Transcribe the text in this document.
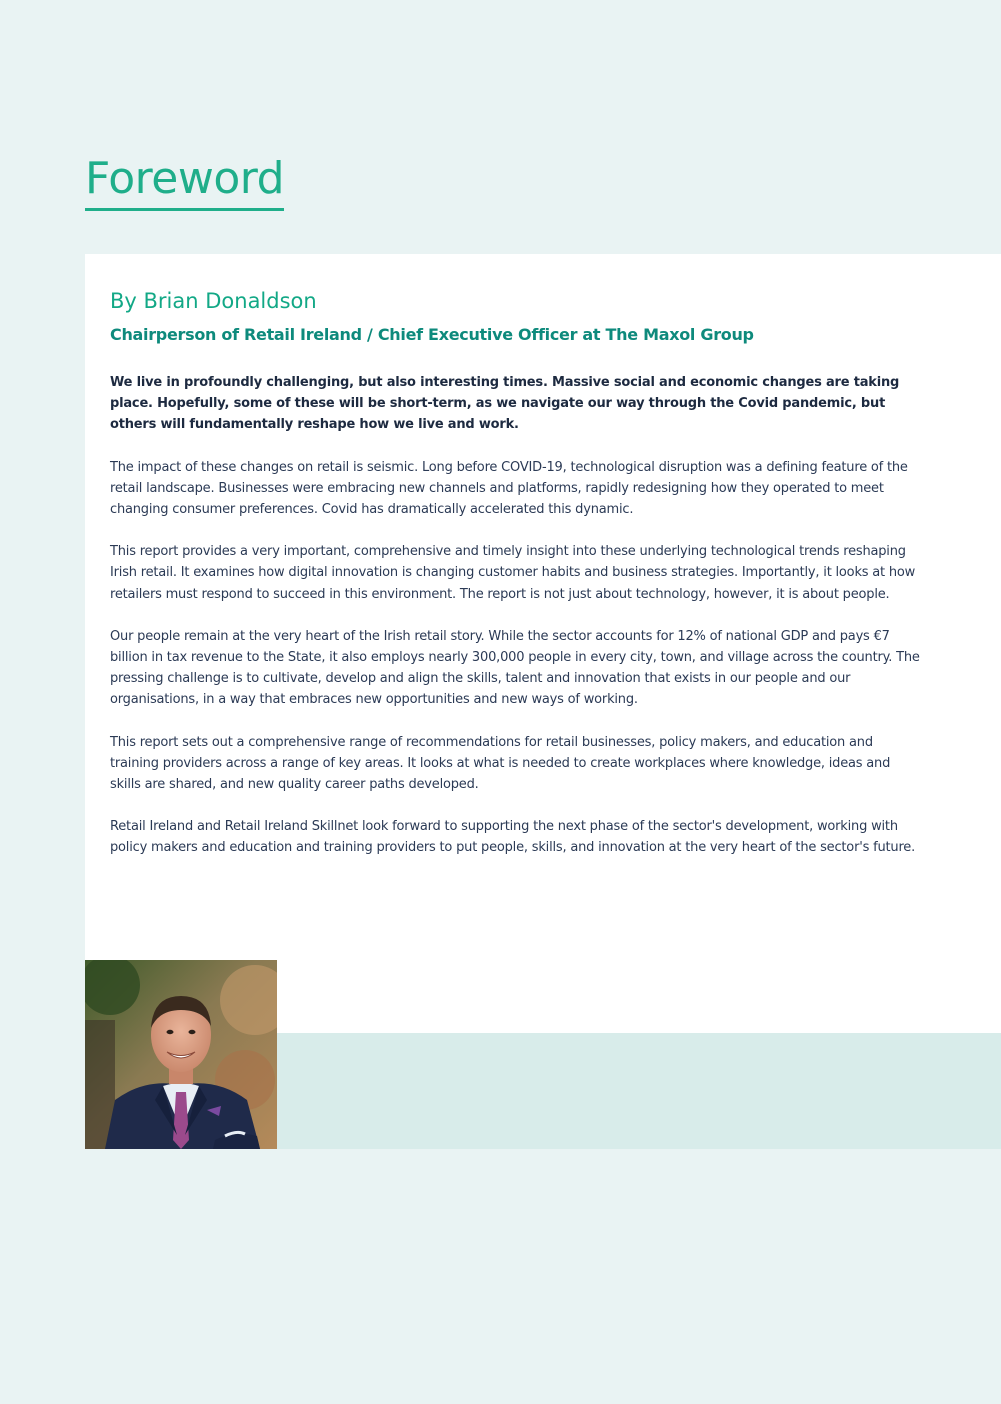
Foreword
By Brian Donaldson
Chairperson of Retail Ireland / Chief Executive Officer at The Maxol Group

We live in profoundly challenging, but also interesting times. Massive social and economic changes are taking place. Hopefully, some of these will be short-term, as we navigate our way through the Covid pandemic, but others will fundamentally reshape how we live and work.

The impact of these changes on retail is seismic. Long before COVID-19, technological disruption was a defining feature of the retail landscape. Businesses were embracing new channels and platforms, rapidly redesigning how they operated to meet changing consumer preferences. Covid has dramatically accelerated this dynamic.

This report provides a very important, comprehensive and timely insight into these underlying technological trends reshaping Irish retail. It examines how digital innovation is changing customer habits and business strategies. Importantly, it looks at how retailers must respond to succeed in this environment. The report is not just about technology, however, it is about people.

Our people remain at the very heart of the Irish retail story. While the sector accounts for 12% of national GDP and pays €7 billion in tax revenue to the State, it also employs nearly 300,000 people in every city, town, and village across the country. The pressing challenge is to cultivate, develop and align the skills, talent and innovation that exists in our people and our organisations, in a way that embraces new opportunities and new ways of working.

This report sets out a comprehensive range of recommendations for retail businesses, policy makers, and education and training providers across a range of key areas. It looks at what is needed to create workplaces where knowledge, ideas and skills are shared, and new quality career paths developed.

Retail Ireland and Retail Ireland Skillnet look forward to supporting the next phase of the sector's development, working with policy makers and education and training providers to put people, skills, and innovation at the very heart of the sector's future.
